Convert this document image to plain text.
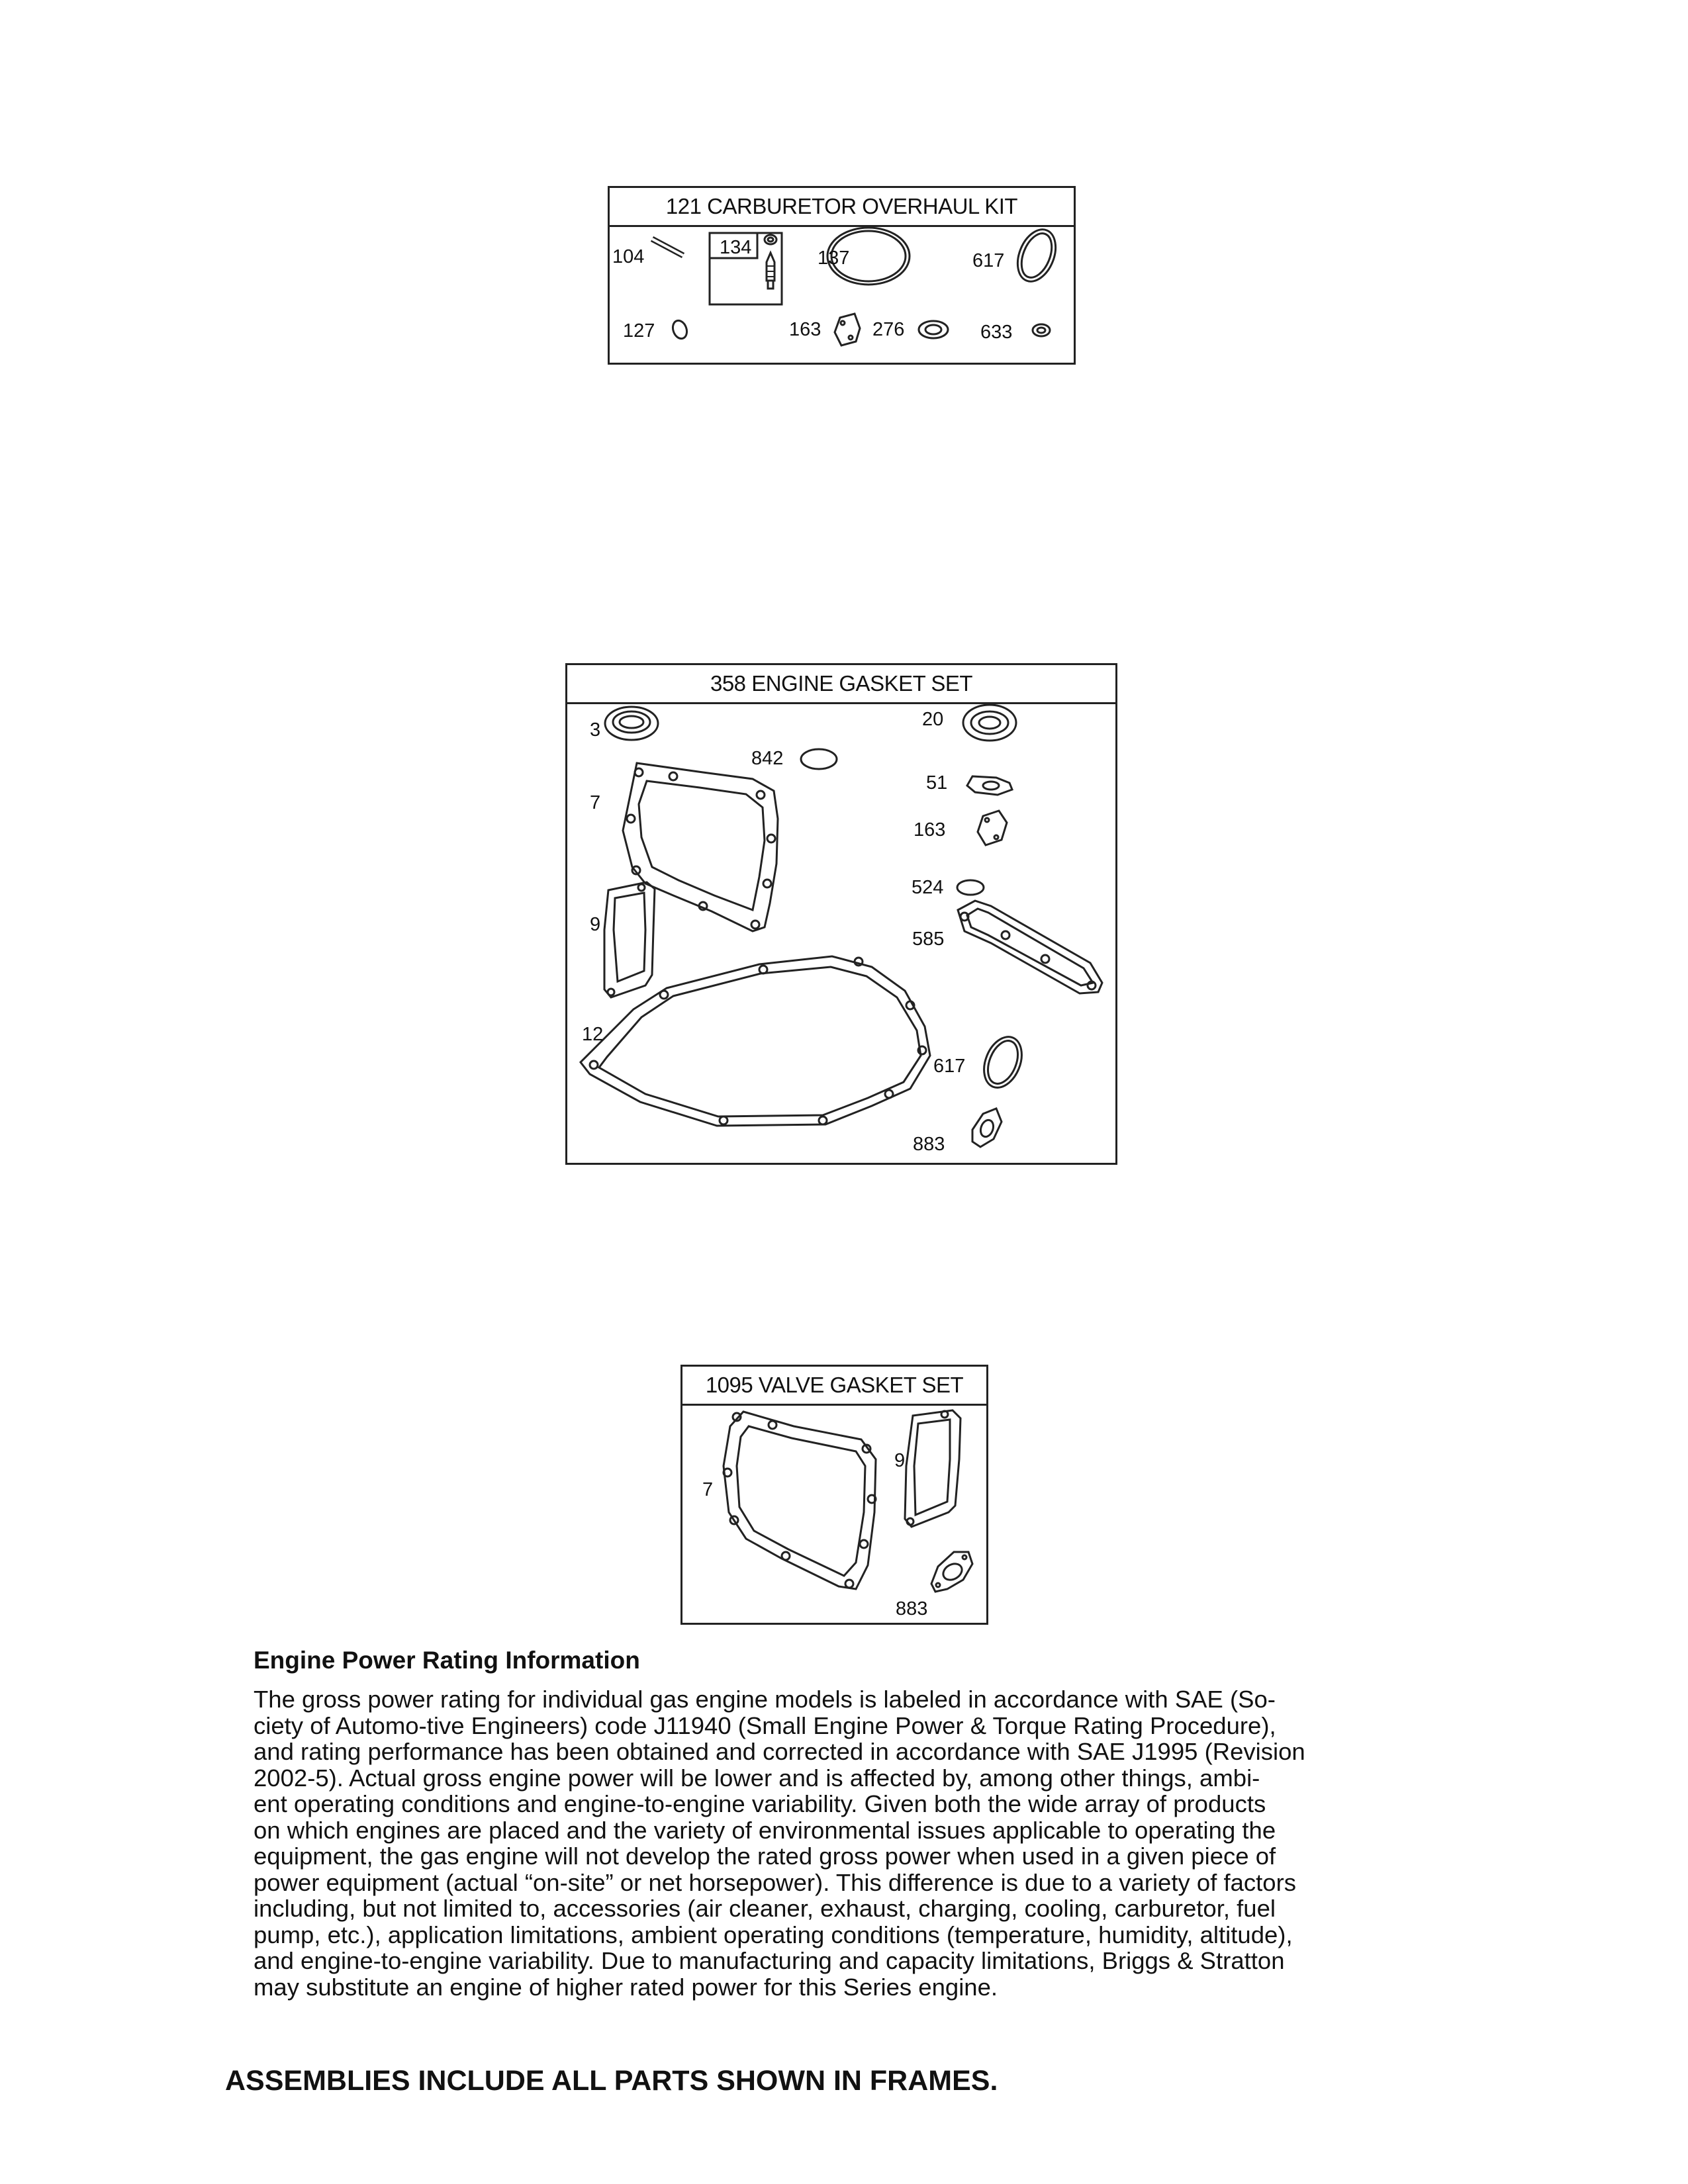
121 CARBURETOR OVERHAUL KIT
104	134	137	617
127	163	276	633
358 ENGINE GASKET SET
3
842
20
7
51
163
524
9
585
12
617
883
1095 VALVE GASKET SET
9
7
883
Engine Power Rating Information
The gross power rating for individual gas engine models is labeled in accordance with SAE (So-
ciety of Automo-tive Engineers) code J11940 (Small Engine Power & Torque Rating Procedure),
and rating performance has been obtained and corrected in accordance with SAE J1995 (Revision
2002-5). Actual gross engine power will be lower and is affected by, among other things, ambi-
ent operating conditions and engine-to-engine variability. Given both the wide array of products
on which engines are placed and the variety of environmental issues applicable to operating the
equipment, the gas engine will not develop the rated gross power when used in a given piece of
power equipment (actual “on-site” or net horsepower). This difference is due to a variety of factors
including, but not limited to, accessories (air cleaner, exhaust, charging, cooling, carburetor, fuel
pump, etc.), application limitations, ambient operating conditions (temperature, humidity, altitude),
and engine-to-engine variability. Due to manufacturing and capacity limitations, Briggs & Stratton
may substitute an engine of higher rated power for this Series engine.
ASSEMBLIES INCLUDE ALL PARTS SHOWN IN FRAMES.
